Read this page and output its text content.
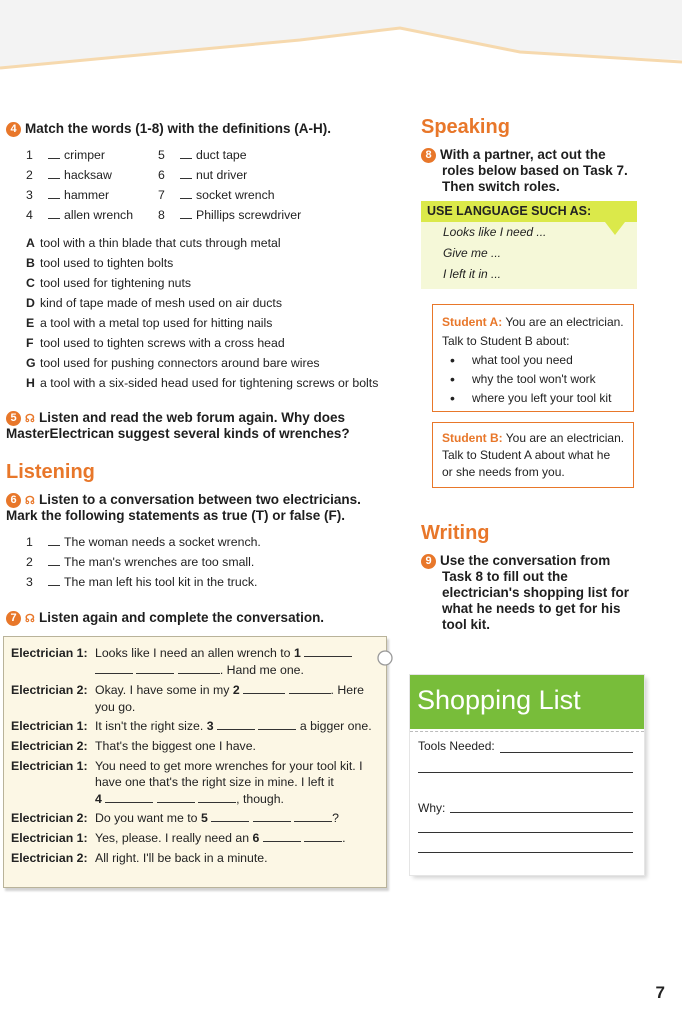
4 Match the words (1-8) with the definitions (A-H).
1	crimper
2	hacksaw
3	hammer
4	allen wrench
5	duct tape
6	nut driver
7	socket wrench
8	Phillips screwdriver
A tool with a thin blade that cuts through metal
B tool used to tighten bolts
C tool used for tightening nuts
D kind of tape made of mesh used on air ducts
E a tool with a metal top used for hitting nails
F tool used to tighten screws with a cross head
G tool used for pushing connectors around bare wires
H a tool with a six-sided head used for tightening screws or bolts
5 ☊ Listen and read the web forum again. Why does
MasterElectrican suggest several kinds of wrenches?
Listening
6 ☊ Listen to a conversation between two electricians.
Mark the following statements as true (T) or false (F).
1	The woman needs a socket wrench.
2	The man's wrenches are too small.
3	The man left his tool kit in the truck.
7 ☊ Listen again and complete the conversation.
Electrician 1: Looks like I need an allen wrench to 1
. Hand me one.
Electrician 2: Okay. I have some in my 2	. Here
you go.
Electrician 1: It isn't the right size. 3	a bigger one.
Electrician 2: That's the biggest one I have.
Electrician 1: You need to get more wrenches for your tool kit. I
have one that's the right size in mine. I left it
4	, though.
Electrician 2: Do you want me to 5	?
Electrician 1: Yes, please. I really need an 6	.
Electrician 2: All right. I'll be back in a minute.
Speaking
8 With a partner, act out the
roles below based on Task 7.
Then switch roles.
USE LANGUAGE SUCH AS:
Looks like I need ...
Give me ...
I left it in ...
Student A: You are an electrician.
Talk to Student B about:
• what tool you need
• why the tool won't work
• where you left your tool kit
Student B: You are an electrician.
Talk to Student A about what he
or she needs from you.
Writing
9 Use the conversation from
Task 8 to fill out the
electrician's shopping list for
what he needs to get for his
tool kit.
Shopping List
Tools Needed:
Why:
7
